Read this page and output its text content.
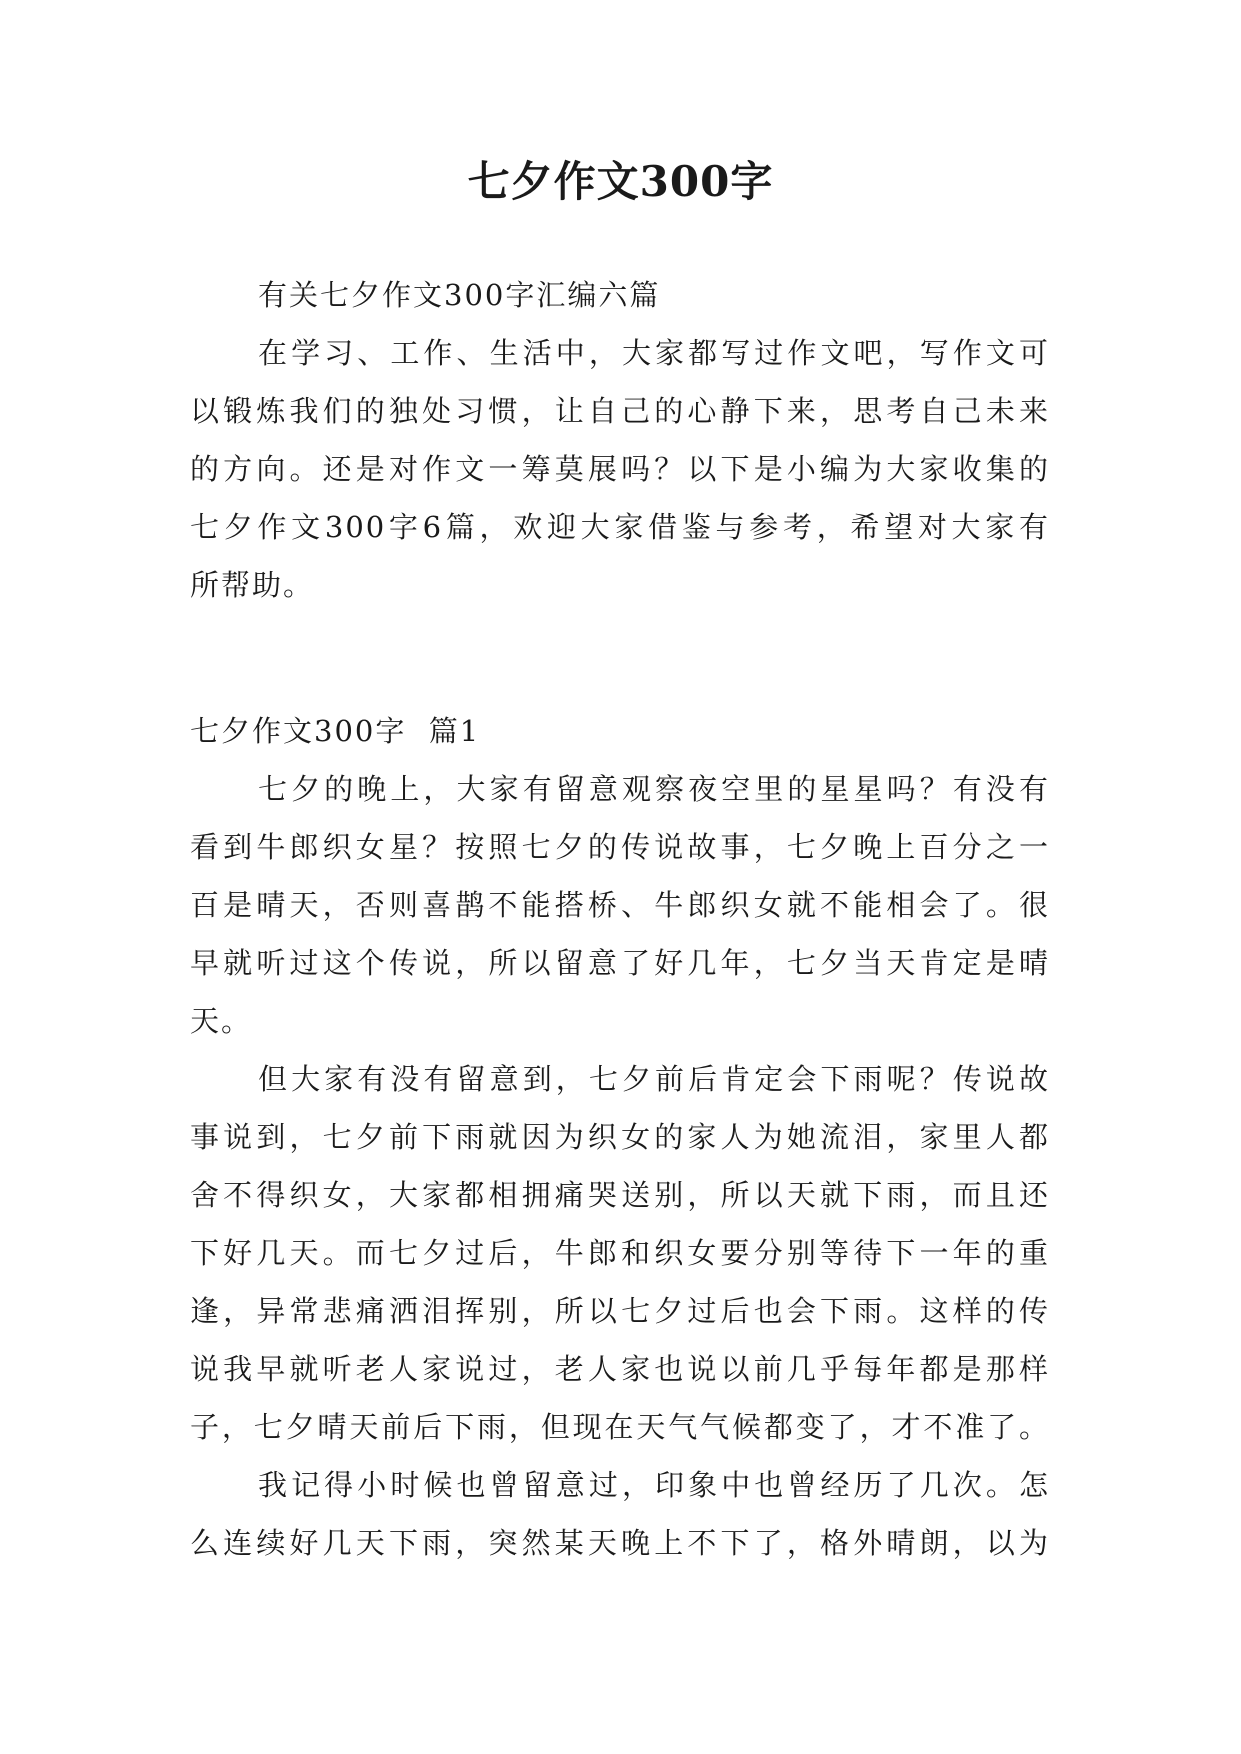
七夕作文300字
有关七夕作文300字汇编六篇
在学习、工作、生活中，大家都写过作文吧，写作文可
以锻炼我们的独处习惯，让自己的心静下来，思考自己未来
的方向。还是对作文一筹莫展吗？以下是小编为大家收集的
七夕作文300字6篇，欢迎大家借鉴与参考，希望对大家有
所帮助。
七夕作文300字  篇1
七夕的晚上，大家有留意观察夜空里的星星吗？有没有
看到牛郎织女星？按照七夕的传说故事，七夕晚上百分之一
百是晴天，否则喜鹊不能搭桥、牛郎织女就不能相会了。很
早就听过这个传说，所以留意了好几年，七夕当天肯定是晴
天。
但大家有没有留意到，七夕前后肯定会下雨呢？传说故
事说到，七夕前下雨就因为织女的家人为她流泪，家里人都
舍不得织女，大家都相拥痛哭送别，所以天就下雨，而且还
下好几天。而七夕过后，牛郎和织女要分别等待下一年的重
逢，异常悲痛洒泪挥别，所以七夕过后也会下雨。这样的传
说我早就听老人家说过，老人家也说以前几乎每年都是那样
子，七夕晴天前后下雨，但现在天气气候都变了，才不准了。
我记得小时候也曾留意过，印象中也曾经历了几次。怎
么连续好几天下雨，突然某天晚上不下了，格外晴朗，以为
